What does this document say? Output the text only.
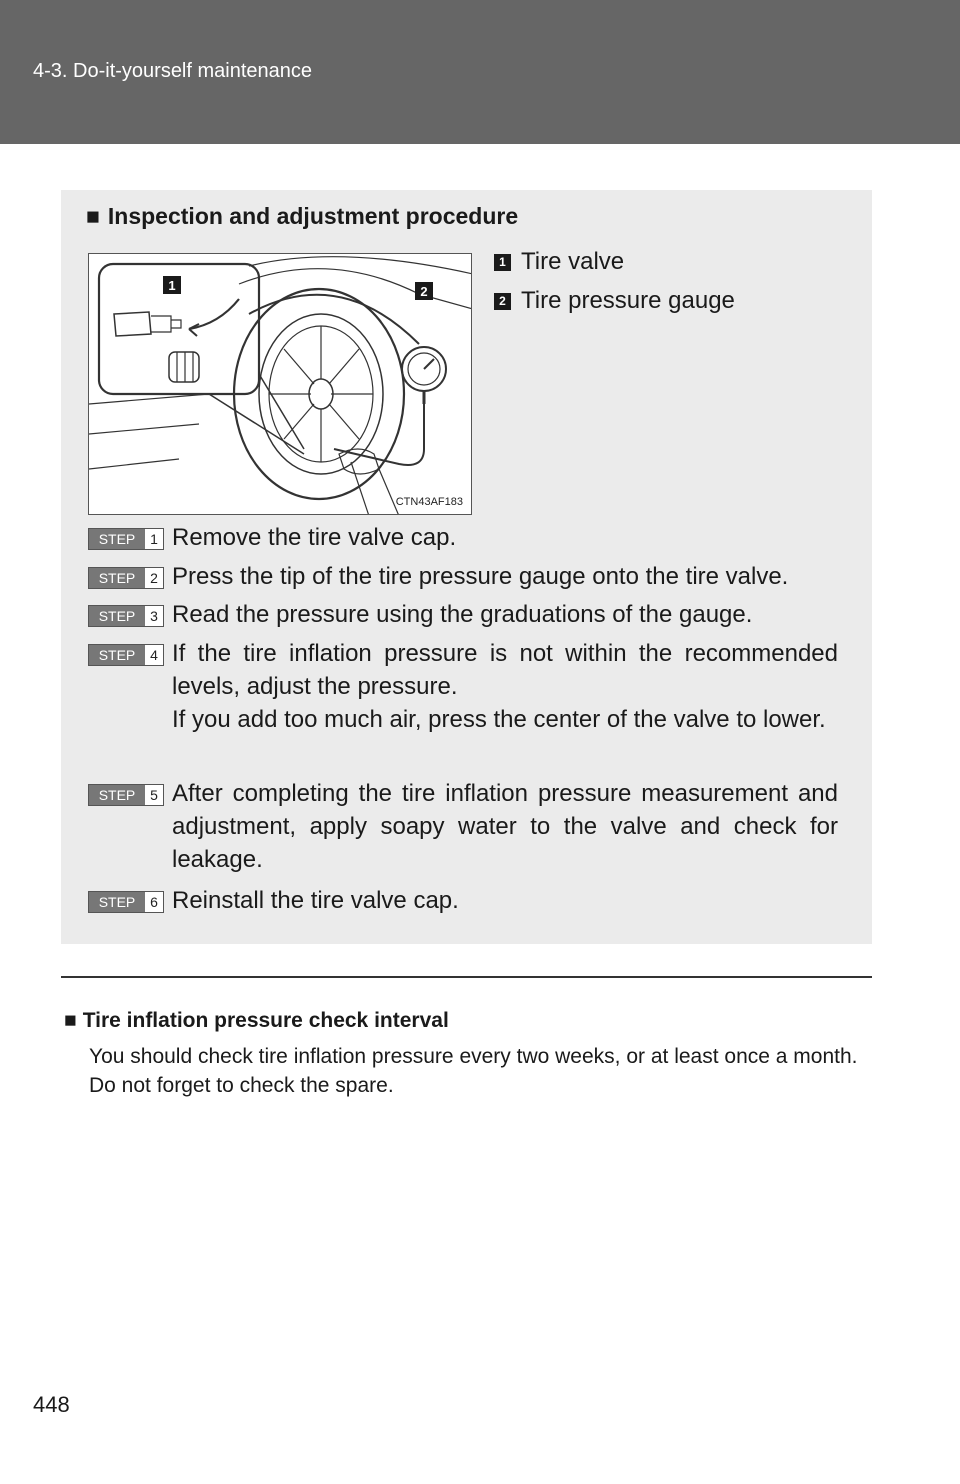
4-3. Do-it-yourself maintenance
■ Inspection and adjustment procedure
1	2
CTN43AF183
1 Tire valve
2 Tire pressure gauge
STEP	1 Remove the tire valve cap.
STEP	2 Press the tip of the tire pressure gauge onto the tire valve.
STEP	3 Read the pressure using the graduations of the gauge.
STEP	4 If the tire inflation pressure is not within the recommended levels, adjust the pressure.
If you add too much air, press the center of the valve to lower.
STEP	5 After completing the tire inflation pressure measurement and adjustment, apply soapy water to the valve and check for leakage.
STEP	6 Reinstall the tire valve cap.
■ Tire inflation pressure check interval

You should check tire inflation pressure every two weeks, or at least once a month.

Do not forget to check the spare.

448
